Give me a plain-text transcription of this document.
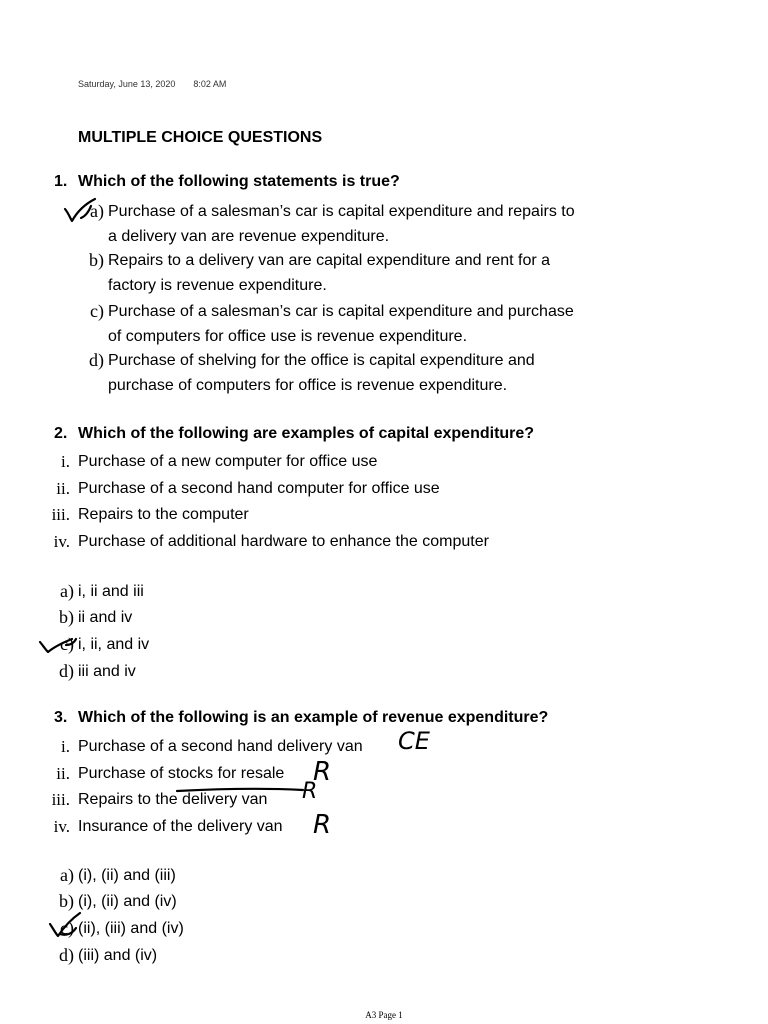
Saturday, June 13, 2020 8:02 AM
MULTIPLE CHOICE QUESTIONS
1. Which of the following statements is true?
a) Purchase of a salesman’s car is capital expenditure and repairs to
a delivery van are revenue expenditure.
b) Repairs to a delivery van are capital expenditure and rent for a
factory is revenue expenditure.
c) Purchase of a salesman’s car is capital expenditure and purchase
of computers for office use is revenue expenditure.
d) Purchase of shelving for the office is capital expenditure and
purchase of computers for office is revenue expenditure.
2. Which of the following are examples of capital expenditure?
i. Purchase of a new computer for office use
ii. Purchase of a second hand computer for office use
iii. Repairs to the computer
iv. Purchase of additional hardware to enhance the computer
a) i, ii and iii
b) ii and iv
c) i, ii, and iv
d) iii and iv
3. Which of the following is an example of revenue expenditure?
i. Purchase of a second hand delivery van
ii. Purchase of stocks for resale
iii. Repairs to the delivery van
iv. Insurance of the delivery van
a) (i), (ii) and (iii)
b) (i), (ii) and (iv)
c) (ii), (iii) and (iv)
d) (iii) and (iv)
CE
R
R
R
A3 Page 1
